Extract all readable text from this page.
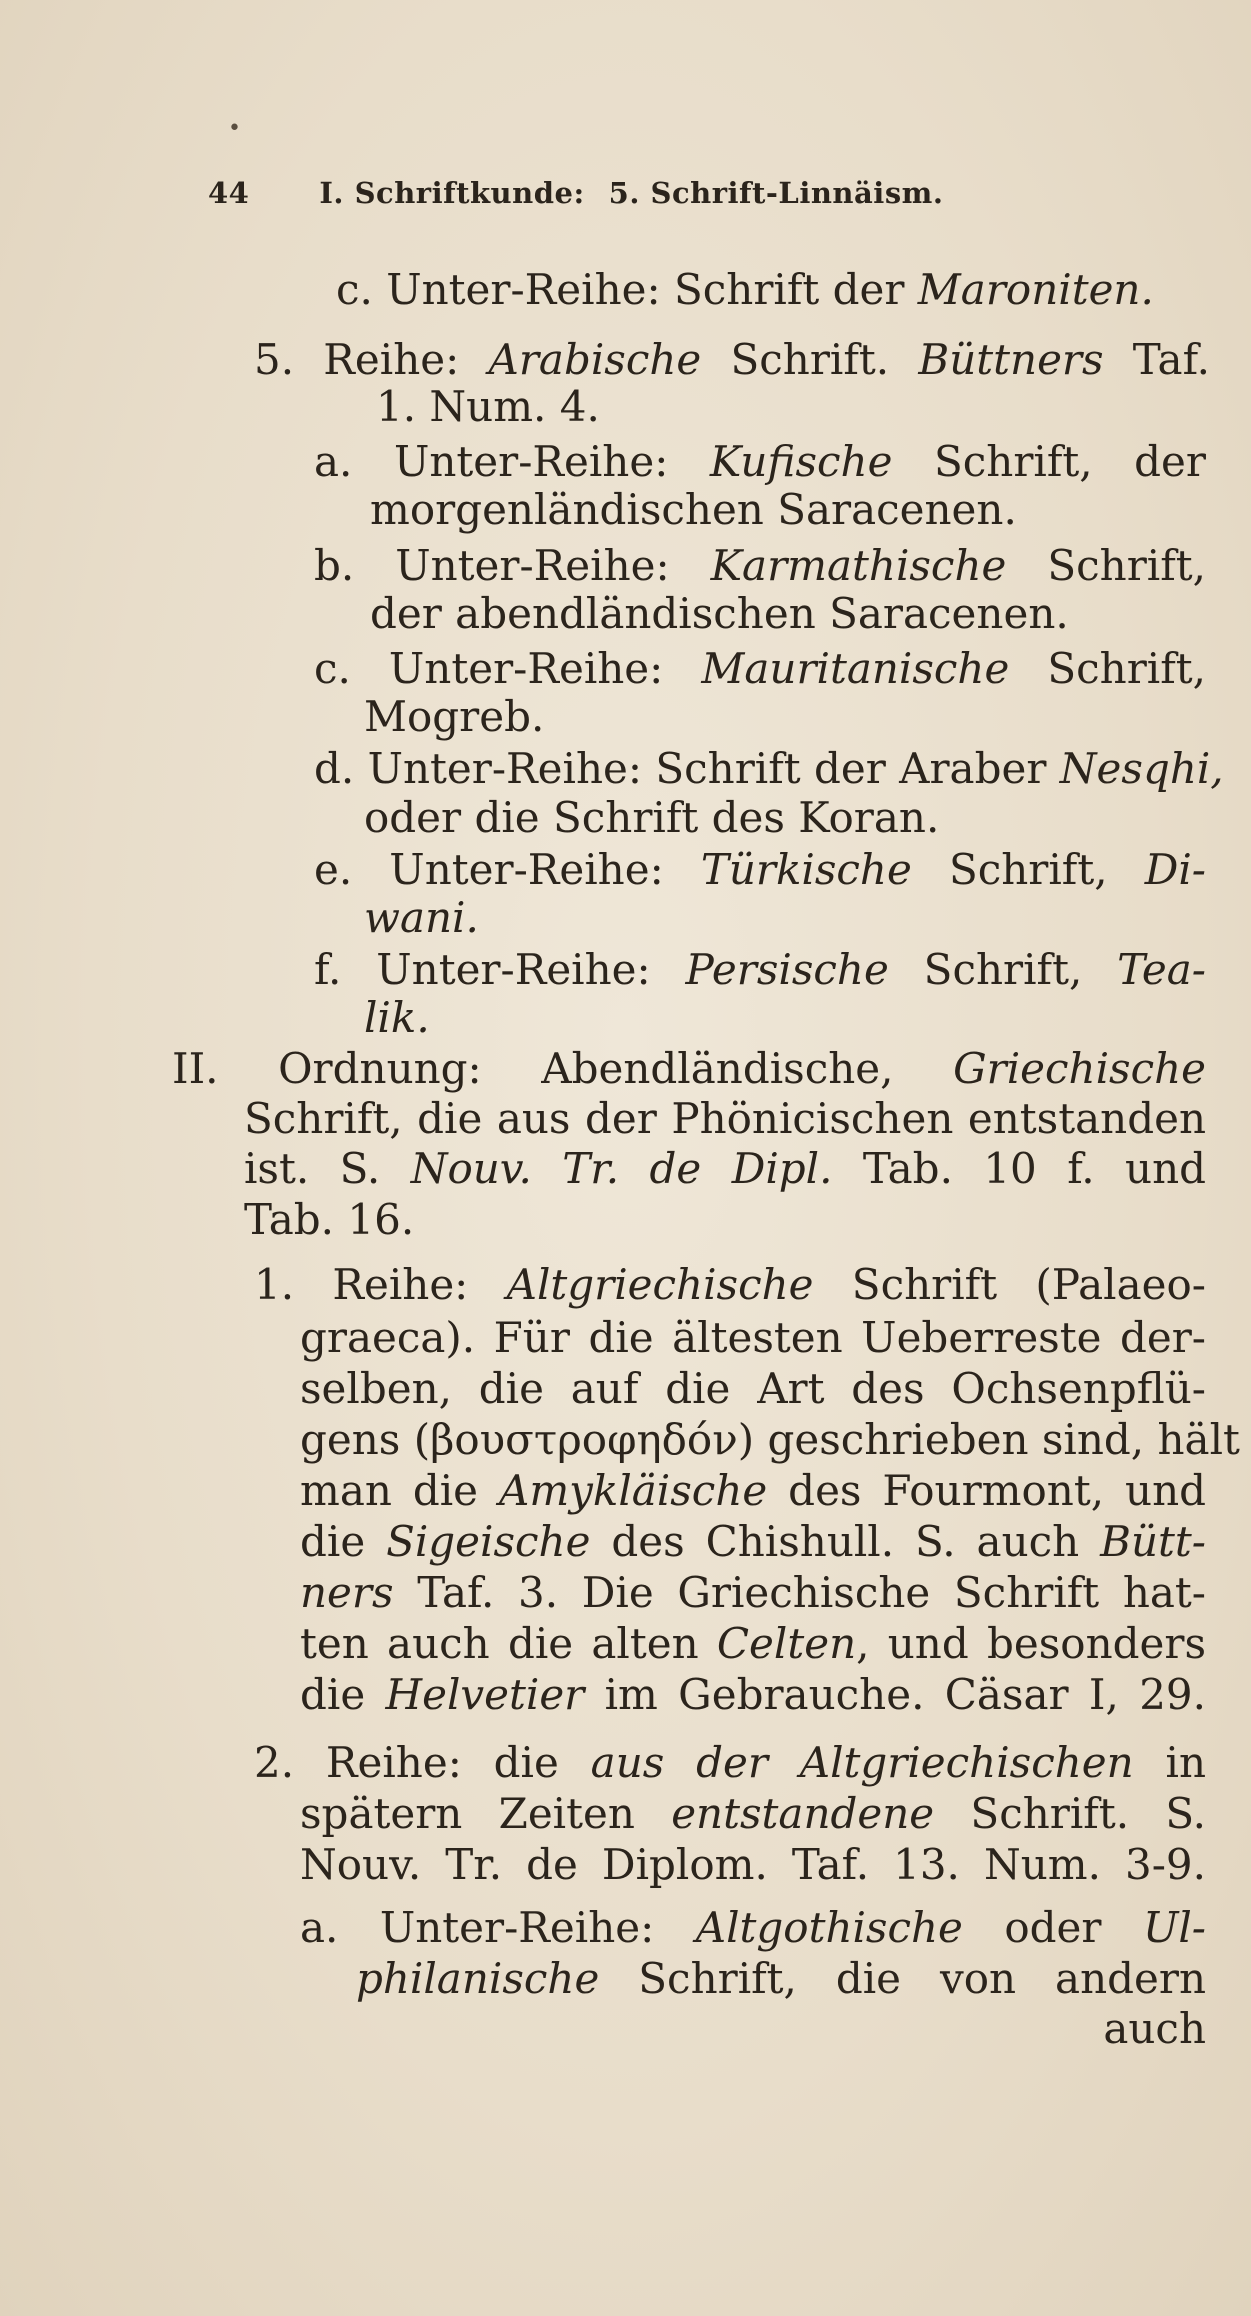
•
44 I. Schriftkunde: 5. Schrift-Linnäism.
c. Unter-Reihe: Schrift der Maroniten.
5. Reihe: Arabische Schrift. Büttners Taf.
1. Num. 4.
a. Unter-Reihe: Kufische Schrift, der
morgenländischen Saracenen.
b. Unter-Reihe: Karmathische Schrift,
der abendländischen Saracenen.
c. Unter-Reihe: Mauritanische Schrift,
Mogreb.
d. Unter-Reihe: Schrift der Araber Nesqhi,
oder die Schrift des Koran.
e. Unter-Reihe: Türkische Schrift, Di-
wani.
f. Unter-Reihe: Persische Schrift, Tea-
lik.
II. Ordnung: Abendländische, Griechische
Schrift, die aus der Phönicischen entstanden
ist. S. Nouv. Tr. de Dipl. Tab. 10 f. und
Tab. 16.
1. Reihe: Altgriechische Schrift (Palaeo-
graeca). Für die ältesten Ueberreste der-
selben, die auf die Art des Ochsenpflü-
gens (βουστροφηδόν) geschrieben sind, hält
man die Amykläische des Fourmont, und
die Sigeische des Chishull. S. auch Bütt-
ners Taf. 3. Die Griechische Schrift hat-
ten auch die alten Celten, und besonders
die Helvetier im Gebrauche. Cäsar I, 29.
2. Reihe: die aus der Altgriechischen in
spätern Zeiten entstandene Schrift. S.
Nouv. Tr. de Diplom. Taf. 13. Num. 3-9.
a. Unter-Reihe: Altgothische oder Ul-
philanische Schrift, die von andern
auch
